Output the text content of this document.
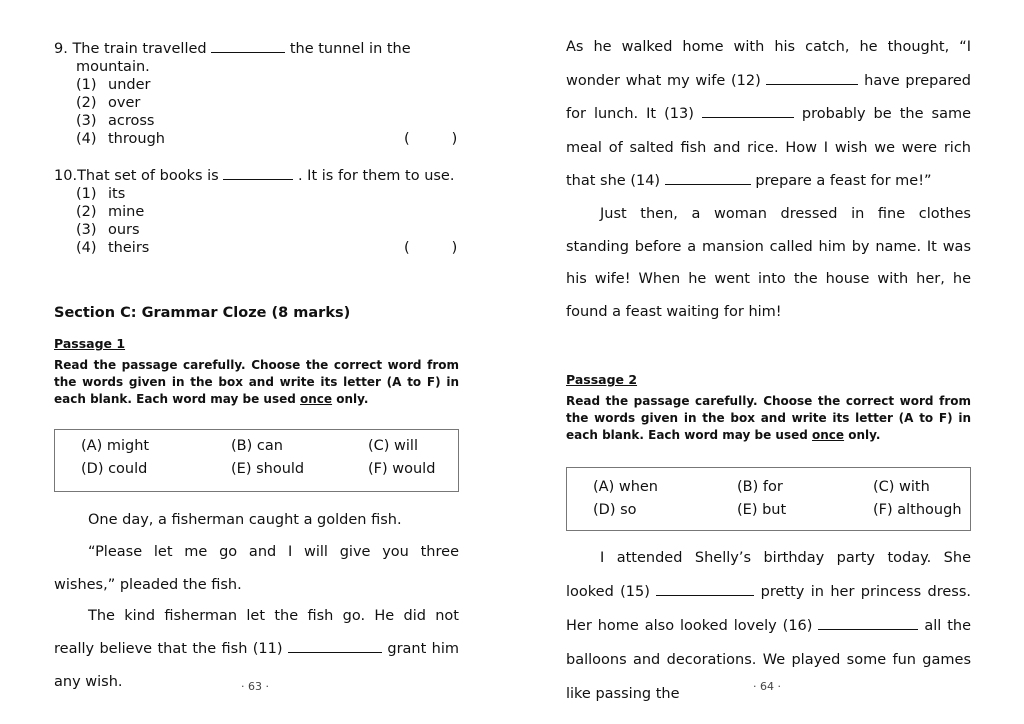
9. The train travelled	the tunnel in the
mountain.
(1) under
(2) over
(3) across
(4) through	(	)
10.That set of books is	. It is for them to use.
(1) its
(2) mine
(3) ours
(4) theirs	(	)
Section C: Grammar Cloze (8 marks)
Passage 1
Read the passage carefully. Choose the correct word from the words given in the box and write its letter (A to F) in each blank. Each word may be used once only.
(A) might	(B) can	(C) will
(D) could	(E) should	(F) would
One day, a fisherman caught a golden fish.
“Please let me go and I will give you three wishes,” pleaded the fish.
The kind fisherman let the fish go. He did not really believe that the fish (11)	grant him any wish.	· 63 ·
As he walked home with his catch, he thought, “I wonder what my wife (12)	have prepared for lunch. It (13)	probably be the same meal of salted fish and rice. How I wish we were rich that she (14)	prepare a feast for me!”
Just then, a woman dressed in fine clothes standing before a mansion called him by name. It was his wife! When he went into the house with her, he found a feast waiting for him!
Passage 2
Read the passage carefully. Choose the correct word from the words given in the box and write its letter (A to F) in each blank. Each word may be used once only.
(A) when	(B) for	(C) with
(D) so	(E) but	(F) although
I attended Shelly’s birthday party today. She looked (15)	pretty in her princess dress. Her home also looked lovely (16)	all the balloons and decorations. We played some fun games like passing the	· 64 ·
